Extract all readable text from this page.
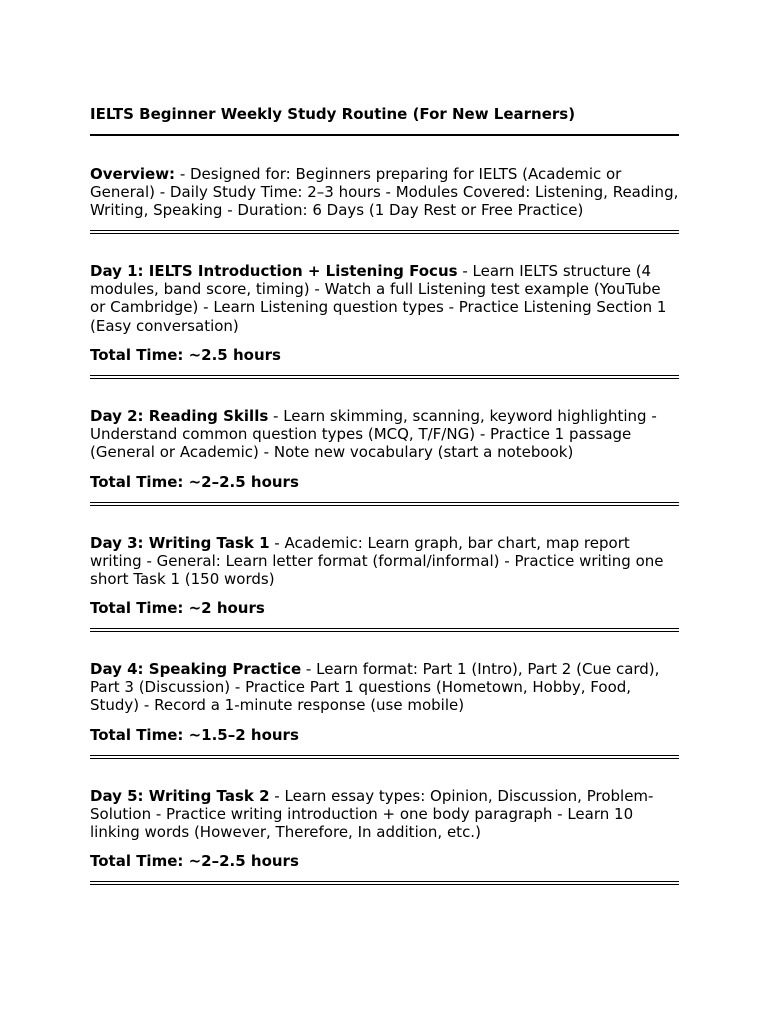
IELTS Beginner Weekly Study Routine (For New Learners)

Overview: - Designed for: Beginners preparing for IELTS (Academic or General) - Daily Study Time: 2–3 hours - Modules Covered: Listening, Reading, Writing, Speaking - Duration: 6 Days (1 Day Rest or Free Practice)

Day 1: IELTS Introduction + Listening Focus - Learn IELTS structure (4 modules, band score, timing) - Watch a full Listening test example (YouTube or Cambridge) - Learn Listening question types - Practice Listening Section 1 (Easy conversation)

Total Time: ~2.5 hours

Day 2: Reading Skills - Learn skimming, scanning, keyword highlighting - Understand common question types (MCQ, T/F/NG) - Practice 1 passage (General or Academic) - Note new vocabulary (start a notebook)

Total Time: ~2–2.5 hours

Day 3: Writing Task 1 - Academic: Learn graph, bar chart, map report writing - General: Learn letter format (formal/informal) - Practice writing one short Task 1 (150 words)

Total Time: ~2 hours

Day 4: Speaking Practice - Learn format: Part 1 (Intro), Part 2 (Cue card), Part 3 (Discussion) - Practice Part 1 questions (Hometown, Hobby, Food, Study) - Record a 1-minute response (use mobile)

Total Time: ~1.5–2 hours

Day 5: Writing Task 2 - Learn essay types: Opinion, Discussion, Problem-Solution - Practice writing introduction + one body paragraph - Learn 10 linking words (However, Therefore, In addition, etc.)

Total Time: ~2–2.5 hours
